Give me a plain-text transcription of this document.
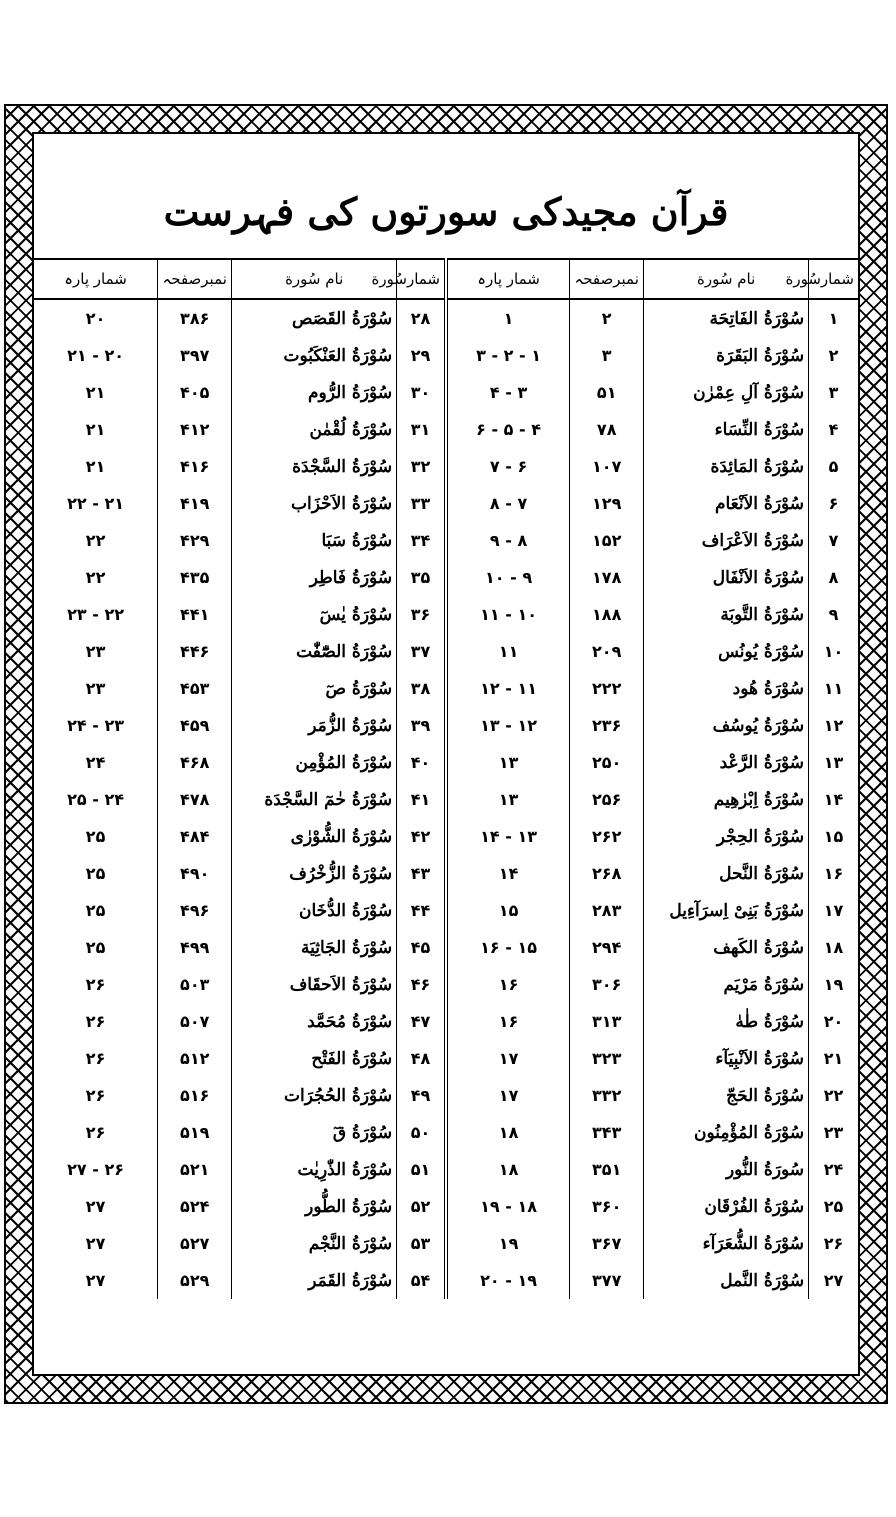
قرآن مجیدکی سورتوں کی فہرست
شمارسُورة	نام سُورة	نمبرصفحہ	شمار پارہ	شمارسُورة	نام سُورة	نمبرصفحہ	شمار پارہ
۱	سُوْرَةُ الفَاتِحَة	۲	۱	۲۸	سُوْرَةُ القَصَص	۳۸۶	۲۰
۲	سُوْرَةُ البَقَرَة	۳	۱ - ۲ - ۳	۲۹	سُوْرَةُ العَنْكَبُوت	۳۹۷	۲۰ - ۲۱
۳	سُوْرَةُ آلِ عِمْرٰن	۵۱	۳ - ۴	۳۰	سُوْرَةُ الرُّوم	۴۰۵	۲۱
۴	سُوْرَةُ النِّسَاء	۷۸	۴ - ۵ - ۶	۳۱	سُوْرَةُ لُقْمٰن	۴۱۲	۲۱
۵	سُوْرَةُ المَائِدَة	۱۰۷	۶ - ۷	۳۲	سُوْرَةُ السَّجْدَة	۴۱۶	۲۱
۶	سُوْرَةُ الاَنْعَام	۱۲۹	۷ - ۸	۳۳	سُوْرَةُ الاَحْزَاب	۴۱۹	۲۱ - ۲۲
۷	سُوْرَةُ الاَعْرَاف	۱۵۲	۸ - ۹	۳۴	سُوْرَةُ سَبَا	۴۲۹	۲۲
۸	سُوْرَةُ الاَنْفَال	۱۷۸	۹ - ۱۰	۳۵	سُوْرَةُ فَاطِر	۴۳۵	۲۲
۹	سُوْرَةُ التَّوبَة	۱۸۸	۱۰ - ۱۱	۳۶	سُوْرَةُ يٰسٓ	۴۴۱	۲۲ - ۲۳
۱۰	سُوْرَةُ يُونُس	۲۰۹	۱۱	۳۷	سُوْرَةُ الصّٰٓفّٰت	۴۴۶	۲۳
۱۱	سُوْرَةُ هُود	۲۲۲	۱۱ - ۱۲	۳۸	سُوْرَةُ صٓ	۴۵۳	۲۳
۱۲	سُوْرَةُ يُوسُف	۲۳۶	۱۲ - ۱۳	۳۹	سُوْرَةُ الزُّمَر	۴۵۹	۲۳ - ۲۴
۱۳	سُوْرَةُ الرَّعْد	۲۵۰	۱۳	۴۰	سُوْرَةُ المُؤْمِن	۴۶۸	۲۴
۱۴	سُوْرَةُ اِبْرٰهِيم	۲۵۶	۱۳	۴۱	سُوْرَةُ حٰمٓ السَّجْدَة	۴۷۸	۲۴ - ۲۵
۱۵	سُوْرَةُ الحِجْر	۲۶۲	۱۳ - ۱۴	۴۲	سُوْرَةُ الشُّوْرٰى	۴۸۴	۲۵
۱۶	سُوْرَةُ النَّحل	۲۶۸	۱۴	۴۳	سُوْرَةُ الزُّخْرُف	۴۹۰	۲۵
۱۷	سُوْرَةُ بَنِیْ اِسرَآءِیل	۲۸۳	۱۵	۴۴	سُوْرَةُ الدُّخَان	۴۹۶	۲۵
۱۸	سُوْرَةُ الكَهف	۲۹۴	۱۵ - ۱۶	۴۵	سُوْرَةُ الجَاثِيَة	۴۹۹	۲۵
۱۹	سُوْرَةُ مَرْيَم	۳۰۶	۱۶	۴۶	سُوْرَةُ الاَحقَاف	۵۰۳	۲۶
۲۰	سُوْرَةُ طٰهٰ	۳۱۳	۱۶	۴۷	سُوْرَةُ مُحَمَّد	۵۰۷	۲۶
۲۱	سُوْرَةُ الاَنْبِيَآء	۳۲۳	۱۷	۴۸	سُوْرَةُ الفَتْح	۵۱۲	۲۶
۲۲	سُوْرَةُ الحَجّ	۳۳۲	۱۷	۴۹	سُوْرَةُ الحُجُرَات	۵۱۶	۲۶
۲۳	سُوْرَةُ المُؤْمِنُون	۳۴۳	۱۸	۵۰	سُوْرَةُ قٓ	۵۱۹	۲۶
۲۴	سُورَةُ النُّور	۳۵۱	۱۸	۵۱	سُوْرَةُ الذّٰرِيٰت	۵۲۱	۲۶ - ۲۷
۲۵	سُوْرَةُ الفُرْقَان	۳۶۰	۱۸ - ۱۹	۵۲	سُوْرَةُ الطُّور	۵۲۴	۲۷
۲۶	سُوْرَةُ الشُّعَرَآء	۳۶۷	۱۹	۵۳	سُوْرَةُ النَّجْم	۵۲۷	۲۷
۲۷	سُوْرَةُ النَّمل	۳۷۷	۱۹ - ۲۰	۵۴	سُوْرَةُ القَمَر	۵۲۹	۲۷
